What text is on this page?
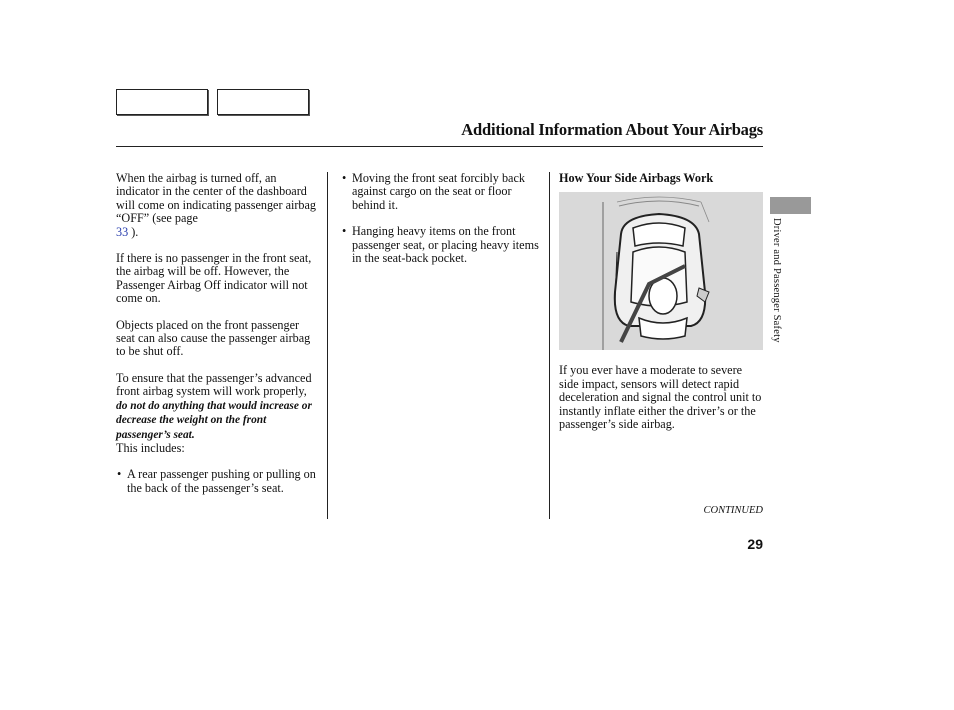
Additional Information About Your Airbags

When the airbag is turned off, an indicator in the center of the dashboard will come on indicating passenger airbag “OFF” (see page
33 ).

If there is no passenger in the front seat, the airbag will be off. However, the Passenger Airbag Off indicator will not come on.

Objects placed on the front passenger seat can also cause the passenger airbag to be shut off.

To ensure that the passenger’s advanced front airbag system will work properly, do not do anything that would increase or decrease the weight on the front passenger’s seat.
This includes:

• A rear passenger pushing or pulling on the back of the passenger’s seat.
• Moving the front seat forcibly back against cargo on the seat or floor behind it.
• Hanging heavy items on the front passenger seat, or placing heavy items in the seat-back pocket.
How Your Side Airbags Work

If you ever have a moderate to severe side impact, sensors will detect rapid deceleration and signal the control unit to instantly inflate either the driver’s or the passenger’s side airbag.

CONTINUED
29
Driver and Passenger Safety
